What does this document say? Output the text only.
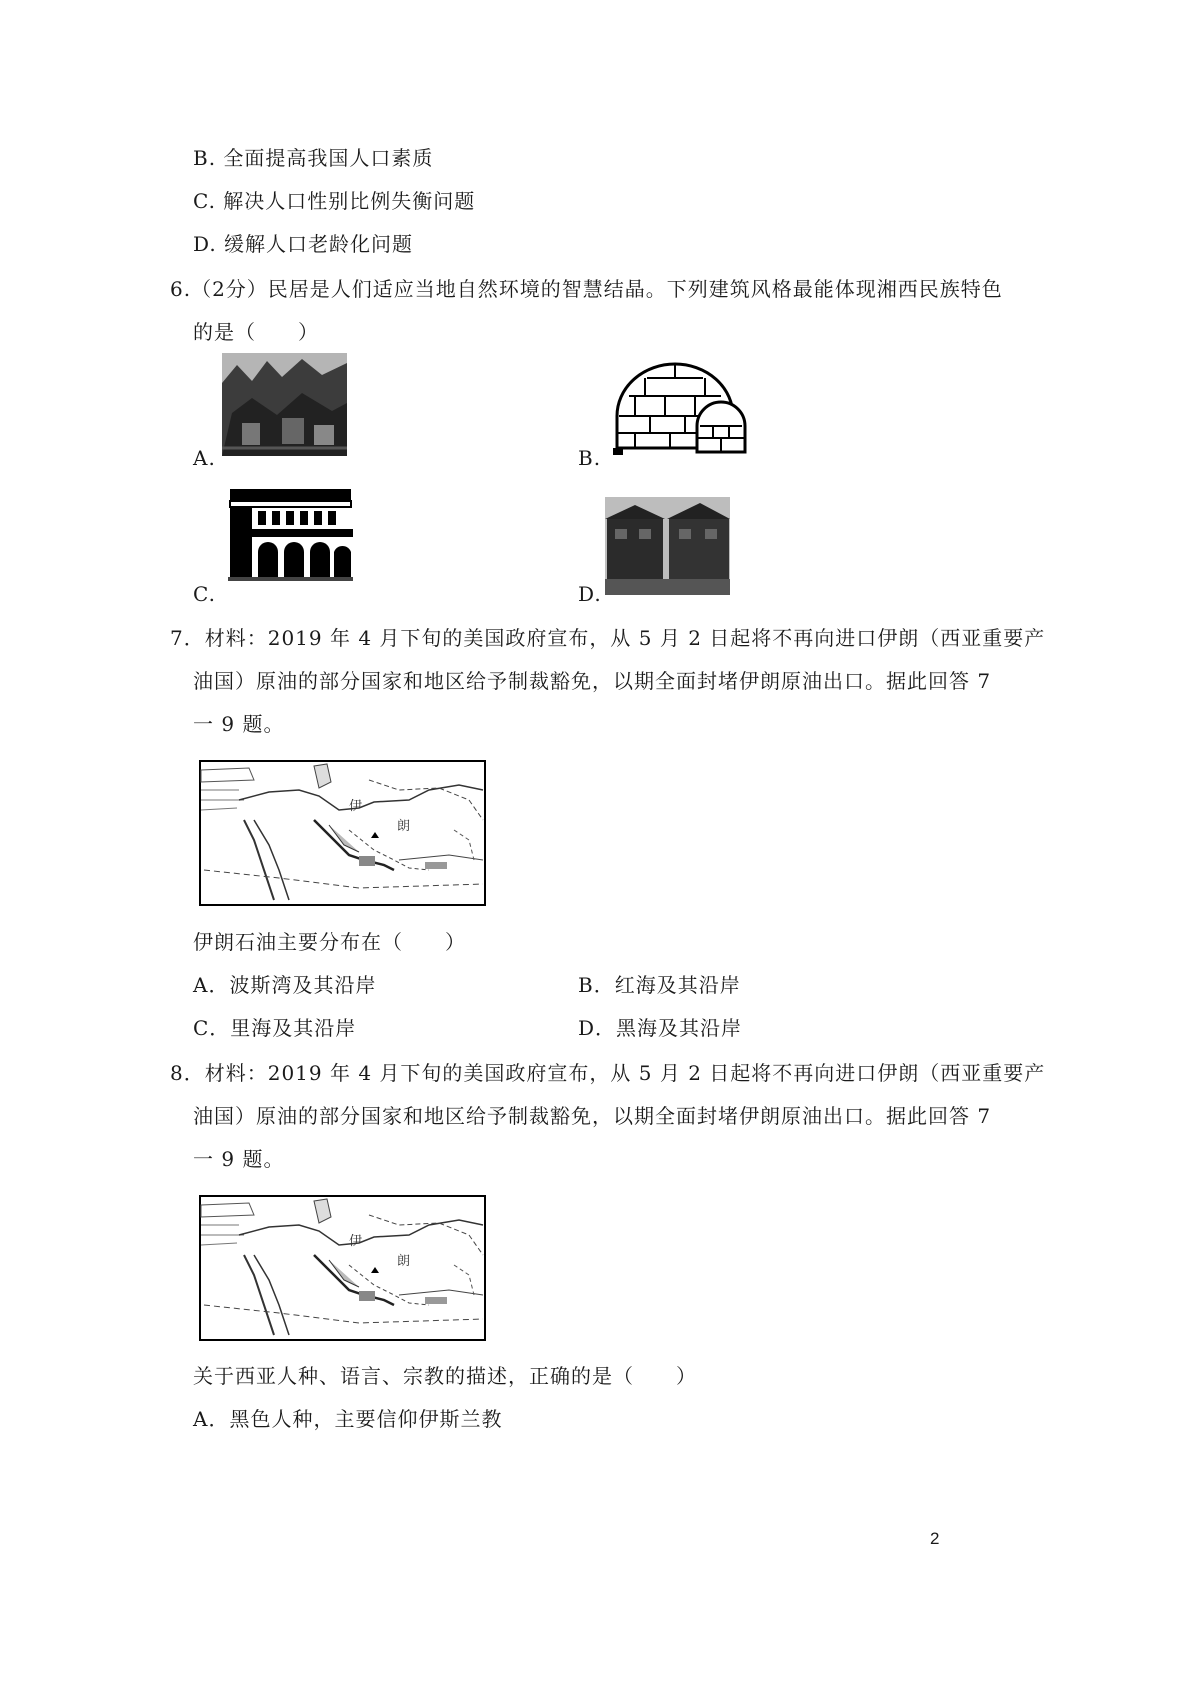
B. 全面提高我国人口素质
C. 解决人口性别比例失衡问题
D. 缓解人口老龄化问题
6.（2分）民居是人们适应当地自然环境的智慧结晶。下列建筑风格最能体现湘西民族特色
的是（　　）
A.	B.
C.	D.
7．材料：2019 年 4 月下旬的美国政府宣布，从 5 月 2 日起将不再向进口伊朗（西亚重要产
油国）原油的部分国家和地区给予制裁豁免，以期全面封堵伊朗原油出口。据此回答 7
一 9 题。
伊
朗
伊朗石油主要分布在（　　）
A．波斯湾及其沿岸	B．红海及其沿岸
C．里海及其沿岸	D．黑海及其沿岸
8．材料：2019 年 4 月下旬的美国政府宣布，从 5 月 2 日起将不再向进口伊朗（西亚重要产
油国）原油的部分国家和地区给予制裁豁免，以期全面封堵伊朗原油出口。据此回答 7
一 9 题。
伊
朗
关于西亚人种、语言、宗教的描述，正确的是（　　）
A．黑色人种，主要信仰伊斯兰教
2
